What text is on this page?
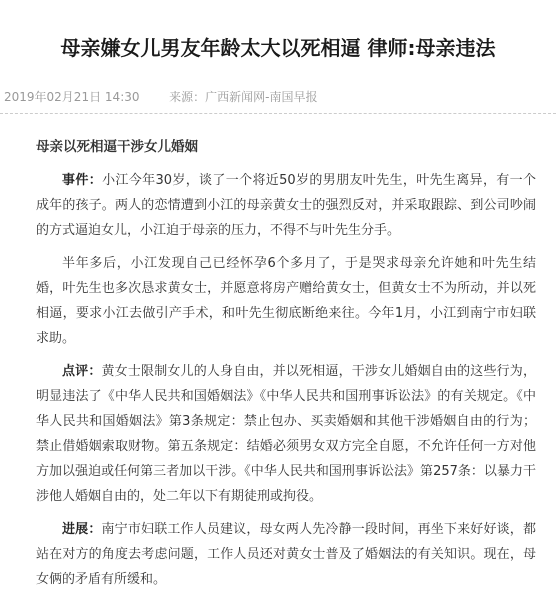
母亲嫌女儿男友年龄太大以死相逼 律师:母亲违法
2019年02月21日 14:30 来源：广西新闻网-南国早报
母亲以死相逼干涉女儿婚姻

事件：小江今年30岁，谈了一个将近50岁的男朋友叶先生，叶先生离异，有一个成年的孩子。两人的恋情遭到小江的母亲黄女士的强烈反对，并采取跟踪、到公司吵闹的方式逼迫女儿，小江迫于母亲的压力，不得不与叶先生分手。

半年多后，小江发现自己已经怀孕6个多月了，于是哭求母亲允许她和叶先生结婚，叶先生也多次恳求黄女士，并愿意将房产赠给黄女士，但黄女士不为所动，并以死相逼，要求小江去做引产手术，和叶先生彻底断绝来往。今年1月，小江到南宁市妇联求助。

点评：黄女士限制女儿的人身自由，并以死相逼，干涉女儿婚姻自由的这些行为，明显违法了《中华人民共和国婚姻法》《中华人民共和国刑事诉讼法》的有关规定。《中华人民共和国婚姻法》第3条规定：禁止包办、买卖婚姻和其他干涉婚姻自由的行为；禁止借婚姻索取财物。第五条规定：结婚必须男女双方完全自愿，不允许任何一方对他方加以强迫或任何第三者加以干涉。《中华人民共和国刑事诉讼法》第257条：以暴力干涉他人婚姻自由的，处二年以下有期徒刑或拘役。

进展：南宁市妇联工作人员建议，母女两人先冷静一段时间，再坐下来好好谈，都站在对方的角度去考虑问题，工作人员还对黄女士普及了婚姻法的有关知识。现在，母女俩的矛盾有所缓和。
